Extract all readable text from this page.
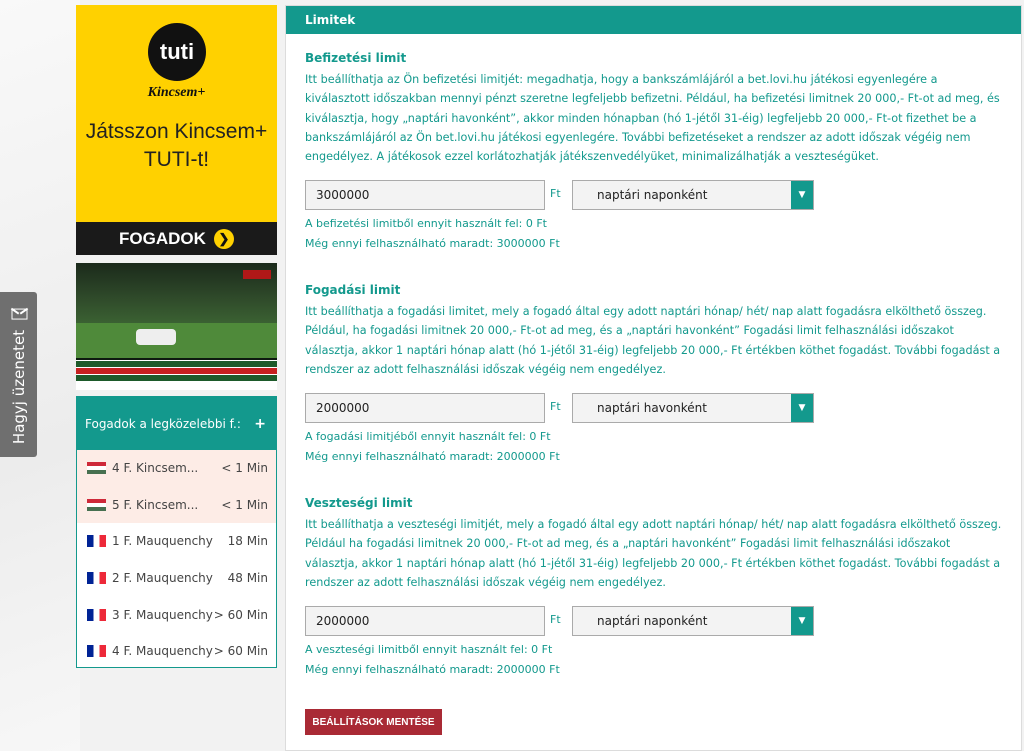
Hagyj üzenetet
tuti
Kincsem+
Játsszon Kincsem+
TUTI-t!
FOGADOK ❯
Fogadok a legközelebbi f.: +
4 F. Kincsem...	< 1 Min
5 F. Kincsem...	< 1 Min
1 F. Mauquenchy	18 Min
2 F. Mauquenchy	48 Min
3 F. Mauquenchy > 60 Min
4 F. Mauquenchy > 60 Min
Limitek
Befizetési limit
Itt beállíthatja az Ön befizetési limitjét: megadhatja, hogy a bankszámlájáról a bet.lovi.hu játékosi egyenlegére a kiválasztott időszakban mennyi pénzt szeretne legfeljebb befizetni. Például, ha befizetési limitnek 20 000,- Ft-ot ad meg, és kiválasztja, hogy „naptári havonként”, akkor minden hónapban (hó 1-jétől 31-éig) legfeljebb 20 000,- Ft-ot fizethet be a bankszámlájáról az Ön bet.lovi.hu játékosi egyenlegére. További befizetéseket a rendszer az adott időszak végéig nem engedélyez. A játékosok ezzel korlátozhatják játékszenvedélyüket, minimalizálhatják a veszteségüket.
3000000	Ft	naptári naponként	▼
A befizetési limitből ennyit használt fel: 0 Ft
Még ennyi felhasználható maradt: 3000000 Ft
Fogadási limit
Itt beállíthatja a fogadási limitet, mely a fogadó által egy adott naptári hónap/ hét/ nap alatt fogadásra elkölthető összeg. Például, ha fogadási limitnek 20 000,- Ft-ot ad meg, és a „naptári havonként” Fogadási limit felhasználási időszakot választja, akkor 1 naptári hónap alatt (hó 1-jétől 31-éig) legfeljebb 20 000,- Ft értékben köthet fogadást. További fogadást a rendszer az adott felhasználási időszak végéig nem engedélyez.
2000000	Ft	naptári havonként	▼
A fogadási limitjéből ennyit használt fel: 0 Ft
Még ennyi felhasználható maradt: 2000000 Ft
Veszteségi limit
Itt beállíthatja a veszteségi limitjét, mely a fogadó által egy adott naptári hónap/ hét/ nap alatt fogadásra elkölthető összeg. Például ha fogadási limitnek 20 000,- Ft-ot ad meg, és a „naptári havonként” Fogadási limit felhasználási időszakot választja, akkor 1 naptári hónap alatt (hó 1-jétől 31-éig) legfeljebb 20 000,- Ft értékben köthet fogadást. További fogadást a rendszer az adott felhasználási időszak végéig nem engedélyez.
2000000	Ft	naptári naponként	▼
A veszteségi limitből ennyit használt fel: 0 Ft
Még ennyi felhasználható maradt: 2000000 Ft
BEÁLLÍTÁSOK MENTÉSE
